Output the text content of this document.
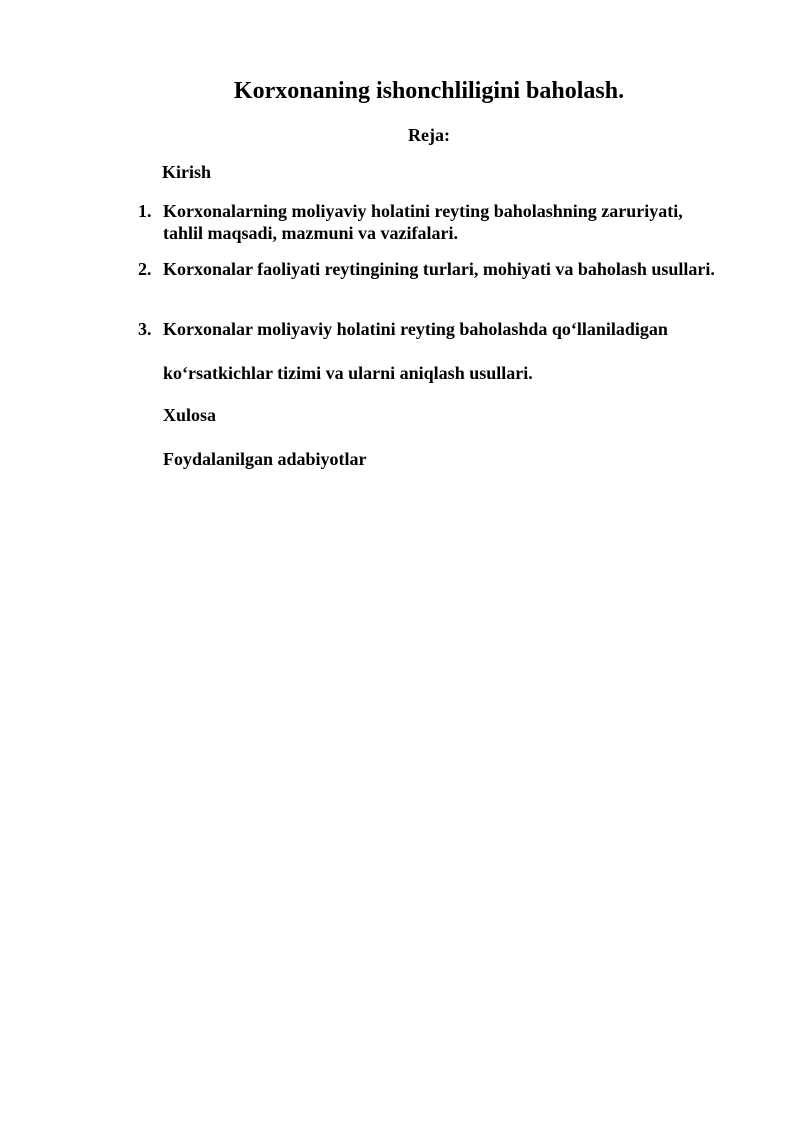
Korxonaning ishonchliligini baholash.
Reja:
Kirish
1. Korxonalarning moliyaviy holatini reyting baholashning zaruriyati,
tahlil maqsadi, mazmuni va vazifalari.
2. Korxonalar faoliyati reytingining turlari, mohiyati va baholash usullari.
3. Korxonalar moliyaviy holatini reyting baholashda qo‘llaniladigan
ko‘rsatkichlar tizimi va ularni aniqlash usullari.
Xulosa
Foydalanilgan adabiyotlar
